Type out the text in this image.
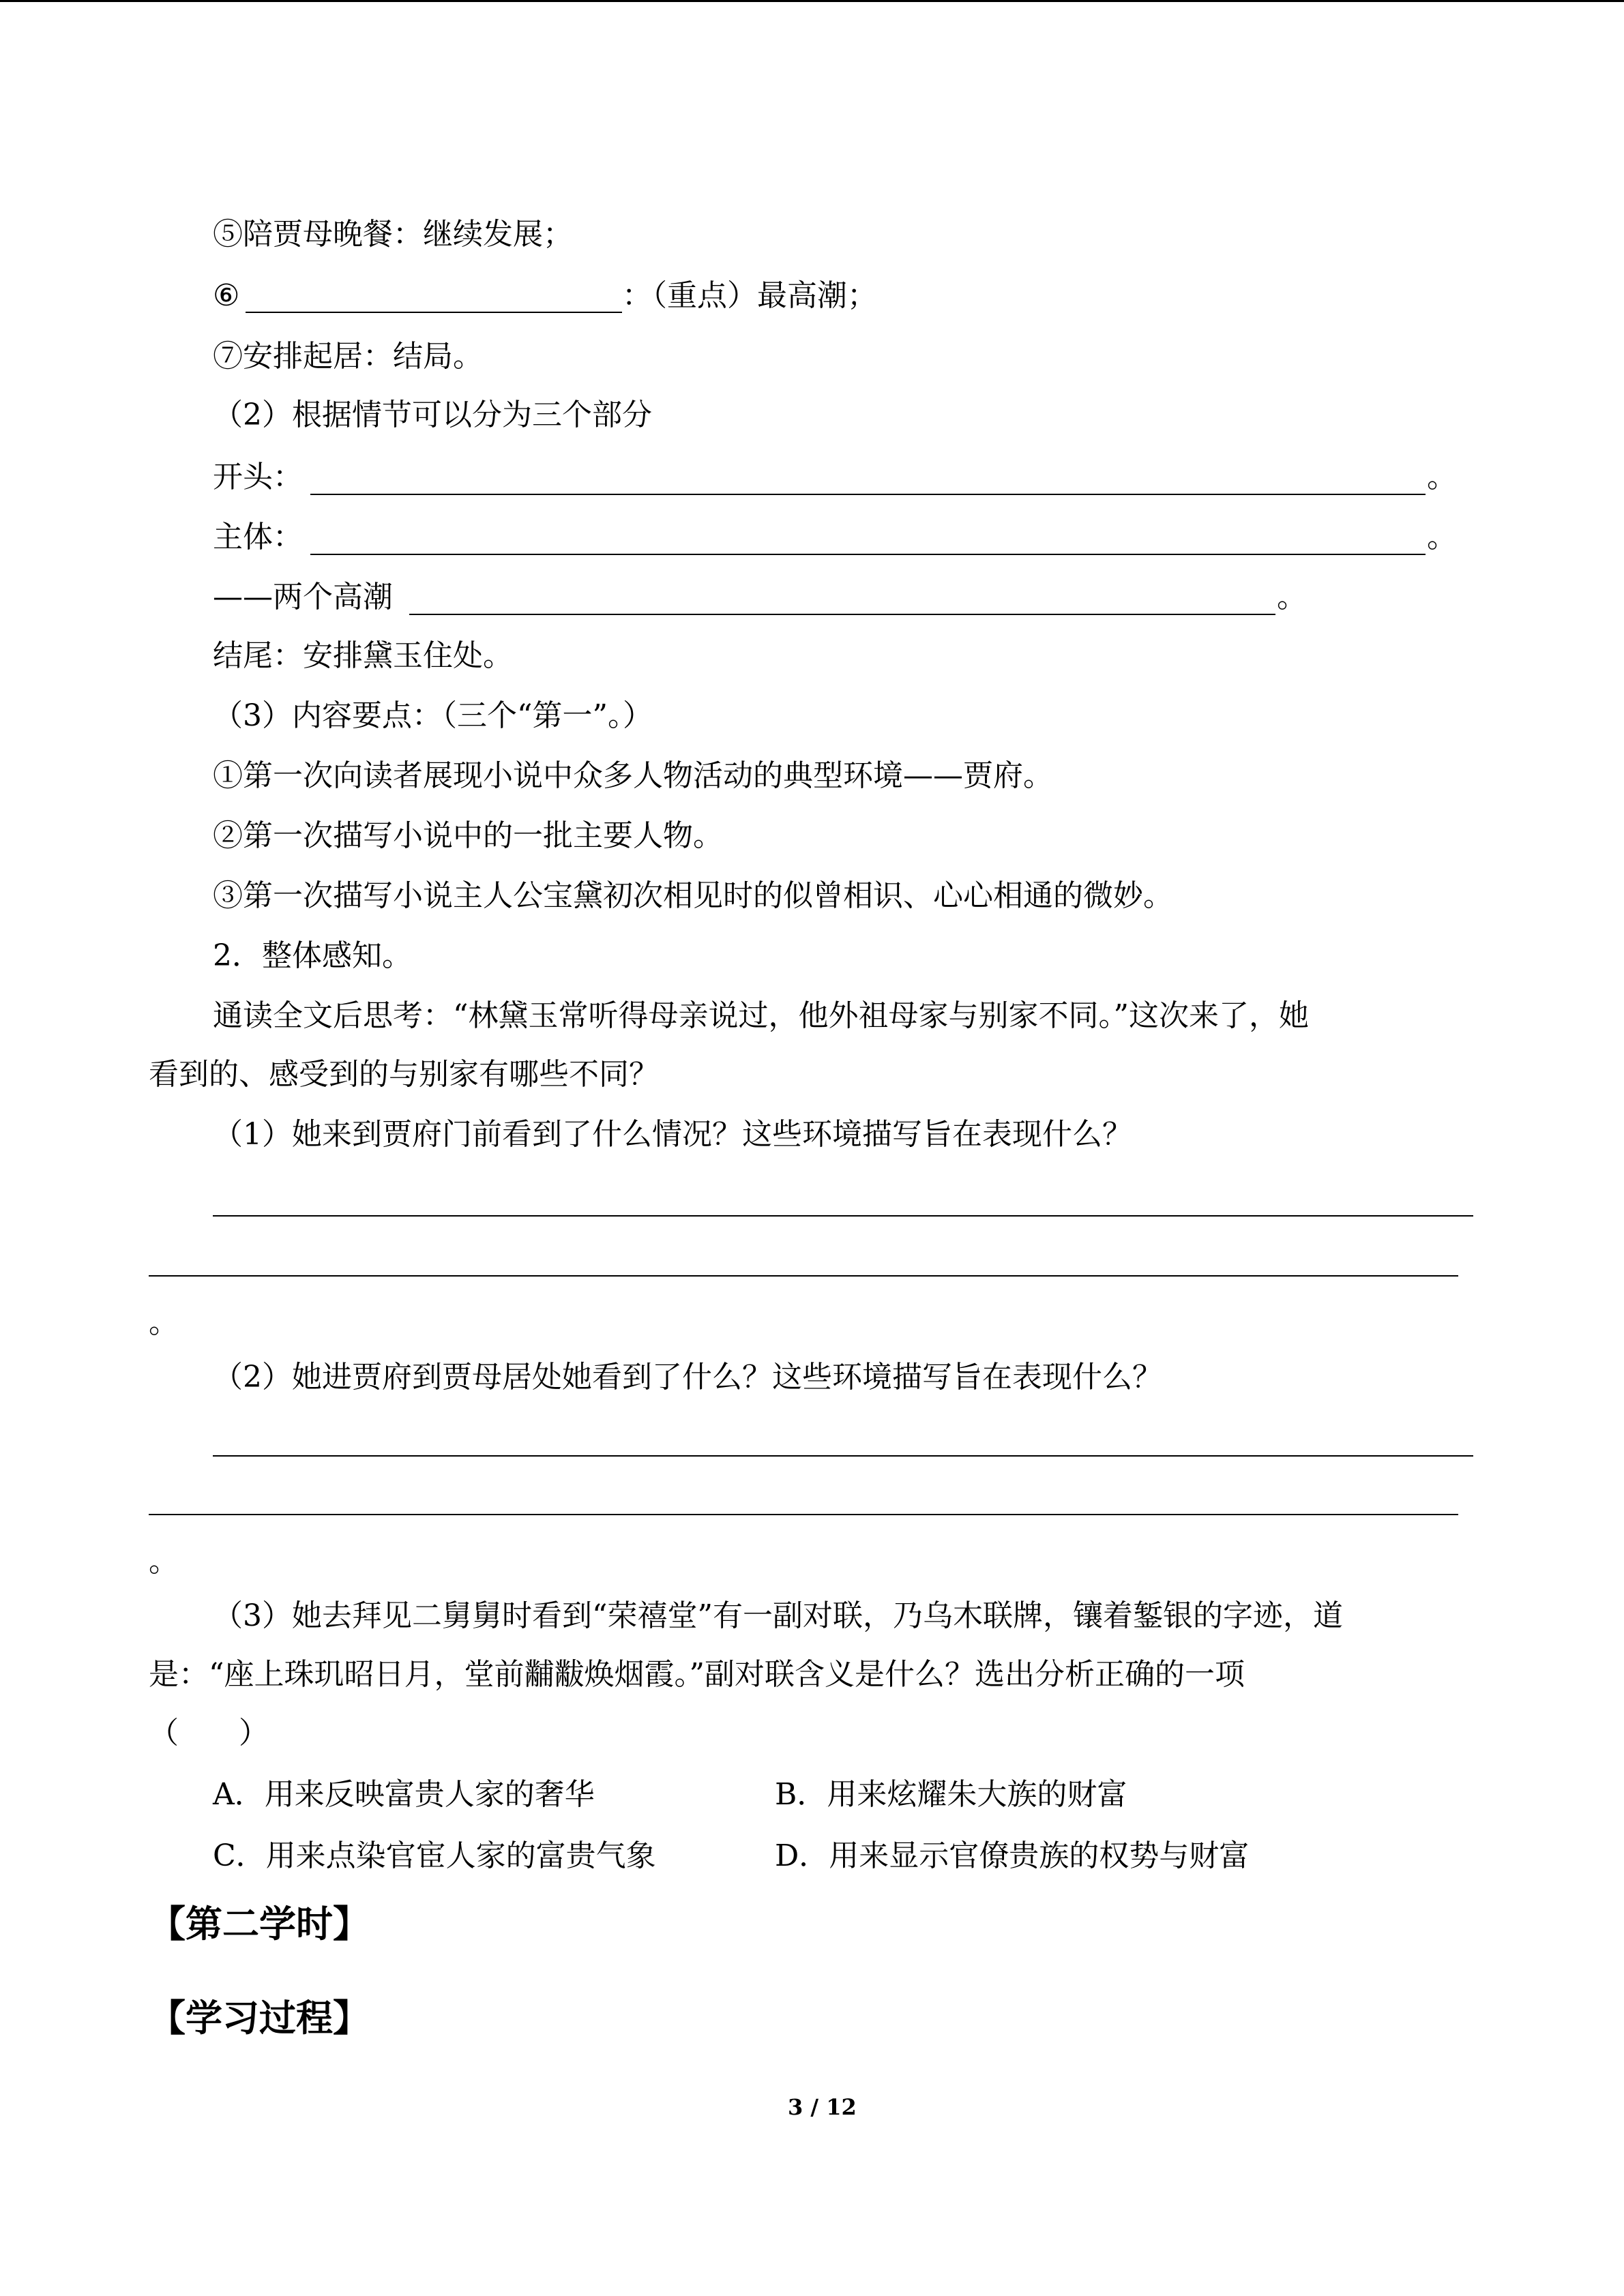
⑤陪贾母晚餐：继续发展；
⑥	：（重点）最高潮；
⑦安排起居：结局。
（2）根据情节可以分为三个部分
开头：	。
主体：	。
——两个高潮	。
结尾：安排黛玉住处。
（3）内容要点：（三个“第一”。）
①第一次向读者展现小说中众多人物活动的典型环境——贾府。
②第一次描写小说中的一批主要人物。
③第一次描写小说主人公宝黛初次相见时的似曾相识、心心相通的微妙。
2．整体感知。
通读全文后思考：“林黛玉常听得母亲说过，他外祖母家与别家不同。”这次来了，她
看到的、感受到的与别家有哪些不同？
（1）她来到贾府门前看到了什么情况？这些环境描写旨在表现什么？
。
（2）她进贾府到贾母居处她看到了什么？这些环境描写旨在表现什么？
。
（3）她去拜见二舅舅时看到“荣禧堂”有一副对联，乃乌木联牌，镶着錾银的字迹，道
是：“座上珠玑昭日月，堂前黼黻焕烟霞。”副对联含义是什么？选出分析正确的一项
（　　）
A．用来反映富贵人家的奢华	B．用来炫耀朱大族的财富
C．用来点染官宦人家的富贵气象	D．用来显示官僚贵族的权势与财富
【第二学时】
【学习过程】
3 / 12
